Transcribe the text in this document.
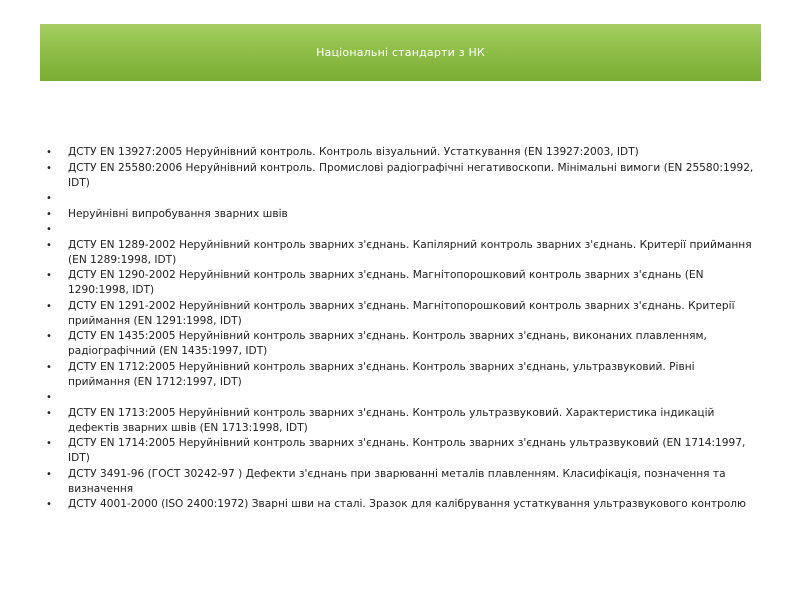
Національні стандарти з НК
• ДСТУ EN 13927:2005 Неруйнівний контроль. Контроль візуальний. Устаткування (EN 13927:2003, IDT)
• ДСТУ EN 25580:2006 Неруйнівний контроль. Промислові радіографічні негативоскопи. Мінімальні вимоги (EN 25580:1992, IDT)
•
• Неруйнівні випробування зварних швів
•
• ДСТУ EN 1289-2002 Неруйнівний контроль зварних з'єднань. Капілярний контроль зварних з'єднань. Критерії приймання (EN 1289:1998, IDT)
• ДСТУ EN 1290-2002 Неруйнівний контроль зварних з'єднань. Магнітопорошковий контроль зварних з'єднань (EN 1290:1998, IDT)
• ДСТУ EN 1291-2002 Неруйнівний контроль зварних з'єднань. Магнітопорошковий контроль зварних з'єднань. Критерії приймання (EN 1291:1998, IDT)
• ДСТУ EN 1435:2005 Неруйнівний контроль зварних з'єднань. Контроль зварних з'єднань, виконаних плавленням, радіографічний (EN 1435:1997, IDT)
• ДСТУ EN 1712:2005 Неруйнівний контроль зварних з'єднань. Контроль зварних з'єднань, ультразвуковий. Рівні приймання (EN 1712:1997, IDT)
•
• ДСТУ EN 1713:2005 Неруйнівний контроль зварних з'єднань. Контроль ультразвуковий. Характеристика індикацій дефектів зварних швів (EN 1713:1998, IDT)
• ДСТУ EN 1714:2005 Неруйнівний контроль зварних з'єднань. Контроль зварних з'єднань ультразвуковий (EN 1714:1997, IDT)
• ДСТУ 3491-96 (ГОСТ 30242-97 ) Дефекти з'єднань при зварюванні металів плавленням. Класифікація, позначення та визначення
• ДСТУ 4001-2000 (ISO 2400:1972) Зварні шви на сталі. Зразок для калібрування устаткування ультразвукового контролю
